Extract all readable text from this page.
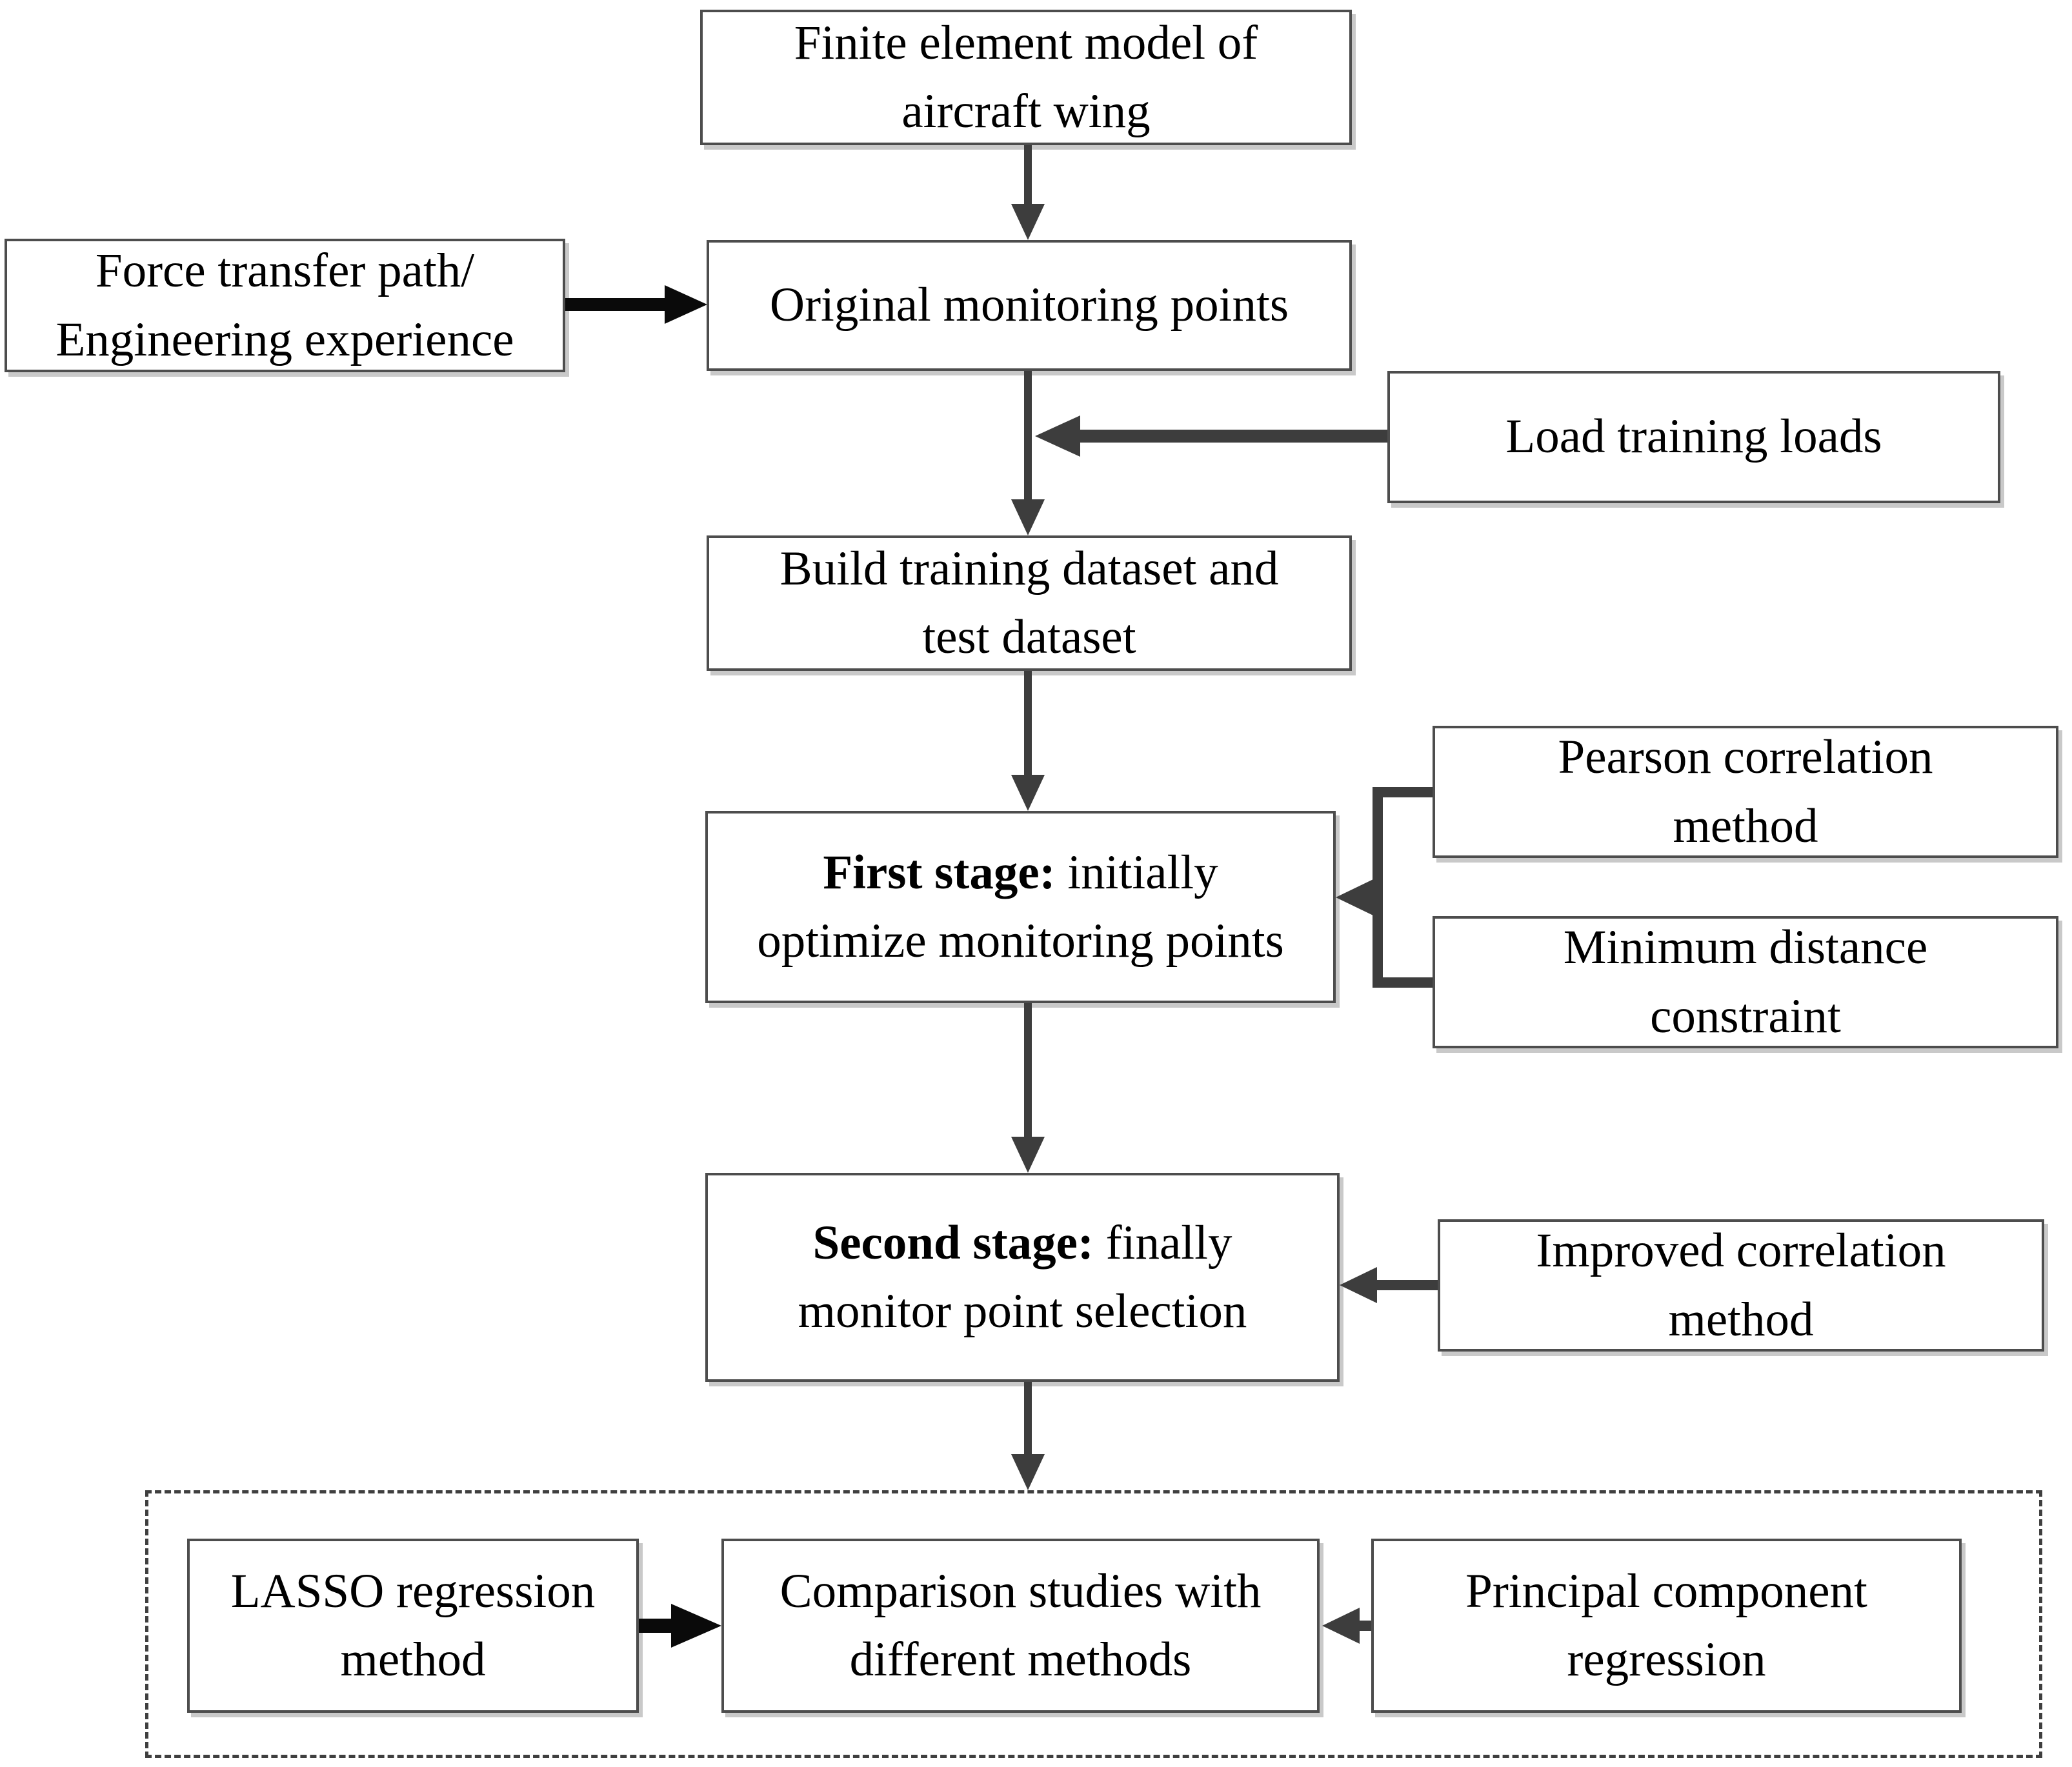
Finite element model of
aircraft wing
Force transfer path/
Engineering experience
Original monitoring points
Load training loads
Build training dataset and
test dataset
First stage: initially
optimize monitoring points
Pearson correlation
method
Minimum distance
constraint
Second stage: finally
monitor point selection
Improved correlation
method
LASSO regression
method
Comparison studies with
different methods
Principal component
regression
